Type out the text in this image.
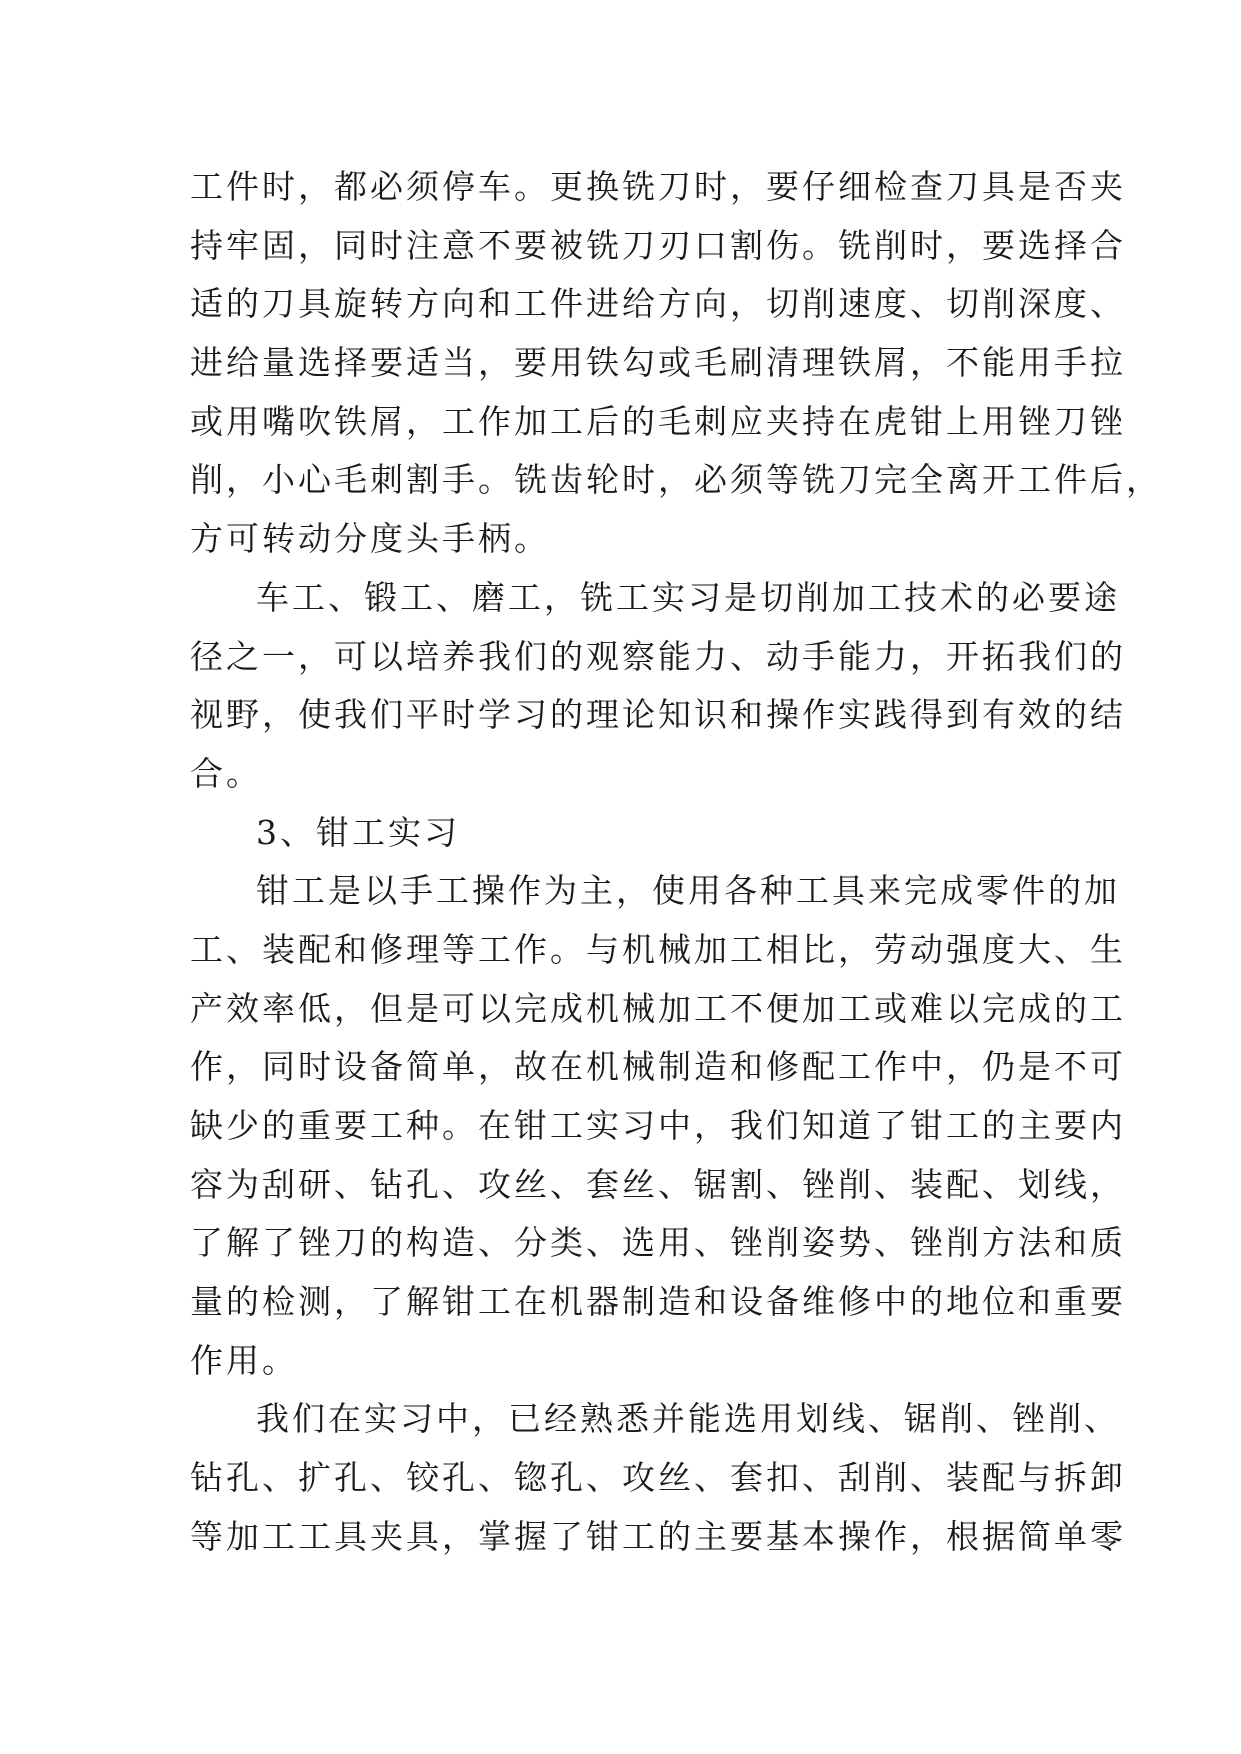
工件时，都必须停车。更换铣刀时，要仔细检查刀具是否夹
持牢固，同时注意不要被铣刀刃口割伤。铣削时，要选择合
适的刀具旋转方向和工件进给方向，切削速度、切削深度、
进给量选择要适当，要用铁勾或毛刷清理铁屑，不能用手拉
或用嘴吹铁屑，工作加工后的毛刺应夹持在虎钳上用锉刀锉
削，小心毛刺割手。铣齿轮时，必须等铣刀完全离开工件后，
方可转动分度头手柄。
车工、锻工、磨工，铣工实习是切削加工技术的必要途
径之一，可以培养我们的观察能力、动手能力，开拓我们的
视野，使我们平时学习的理论知识和操作实践得到有效的结
合。
3、钳工实习
钳工是以手工操作为主，使用各种工具来完成零件的加
工、装配和修理等工作。与机械加工相比，劳动强度大、生
产效率低，但是可以完成机械加工不便加工或难以完成的工
作，同时设备简单，故在机械制造和修配工作中，仍是不可
缺少的重要工种。在钳工实习中，我们知道了钳工的主要内
容为刮研、钻孔、攻丝、套丝、锯割、锉削、装配、划线，
了解了锉刀的构造、分类、选用、锉削姿势、锉削方法和质
量的检测，了解钳工在机器制造和设备维修中的地位和重要
作用。
我们在实习中，已经熟悉并能选用划线、锯削、锉削、
钻孔、扩孔、铰孔、锪孔、攻丝、套扣、刮削、装配与拆卸
等加工工具夹具，掌握了钳工的主要基本操作，根据简单零
